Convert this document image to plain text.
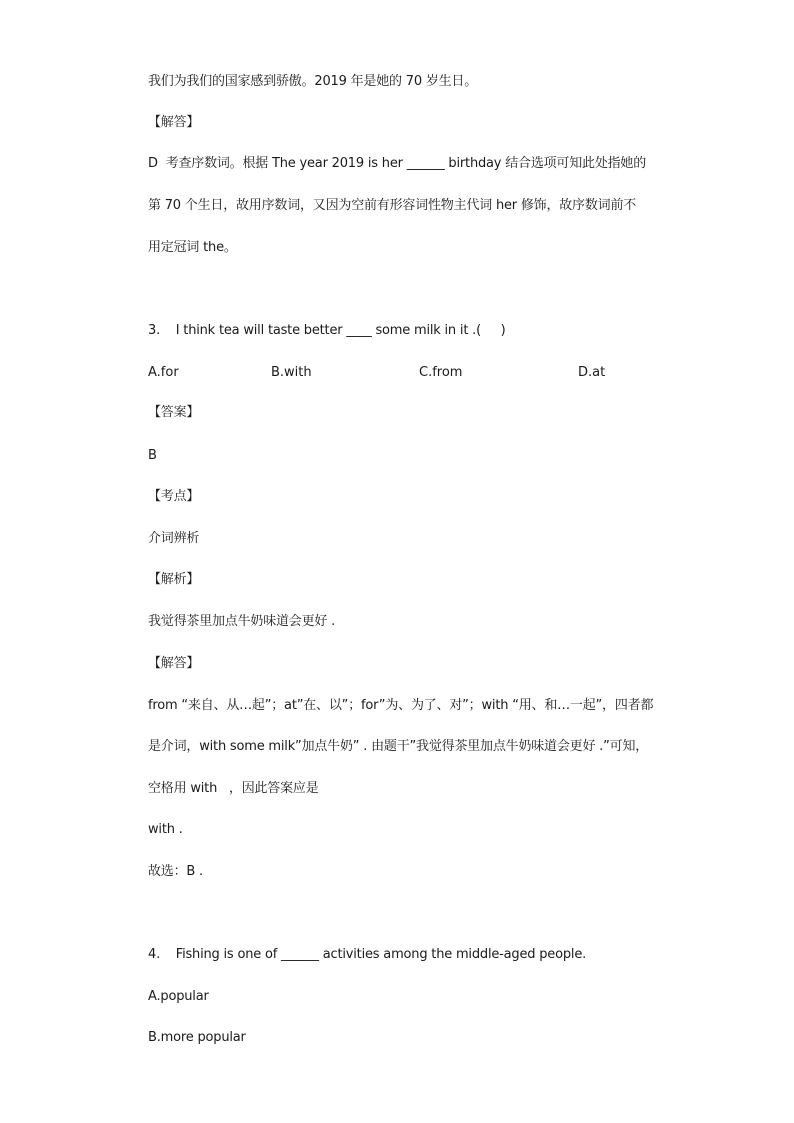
我们为我们的国家感到骄傲。2019 年是她的 70 岁生日。
【解答】
D  考查序数词。根据 The year 2019 is her ______ birthday 结合选项可知此处指她的
第 70 个生日，故用序数词，又因为空前有形容词性物主代词 her 修饰，故序数词前不
用定冠词 the。
3.    I think tea will taste better ____ some milk in it .(     )
A.for	B.with	C.from	D.at
【答案】
B
【考点】
介词辨析
【解析】
我觉得茶里加点牛奶味道会更好 .
【解答】
from “来自、从…起”；at”在、以”；for”为、为了、对”；with “用、和…一起”，四者都
是介词，with some milk”加点牛奶” . 由题干”我觉得茶里加点牛奶味道会更好 .”可知，
空格用 with   ，因此答案应是
with .
故选：B .
4.    Fishing is one of ______ activities among the middle-aged people.
A.popular
B.more popular
